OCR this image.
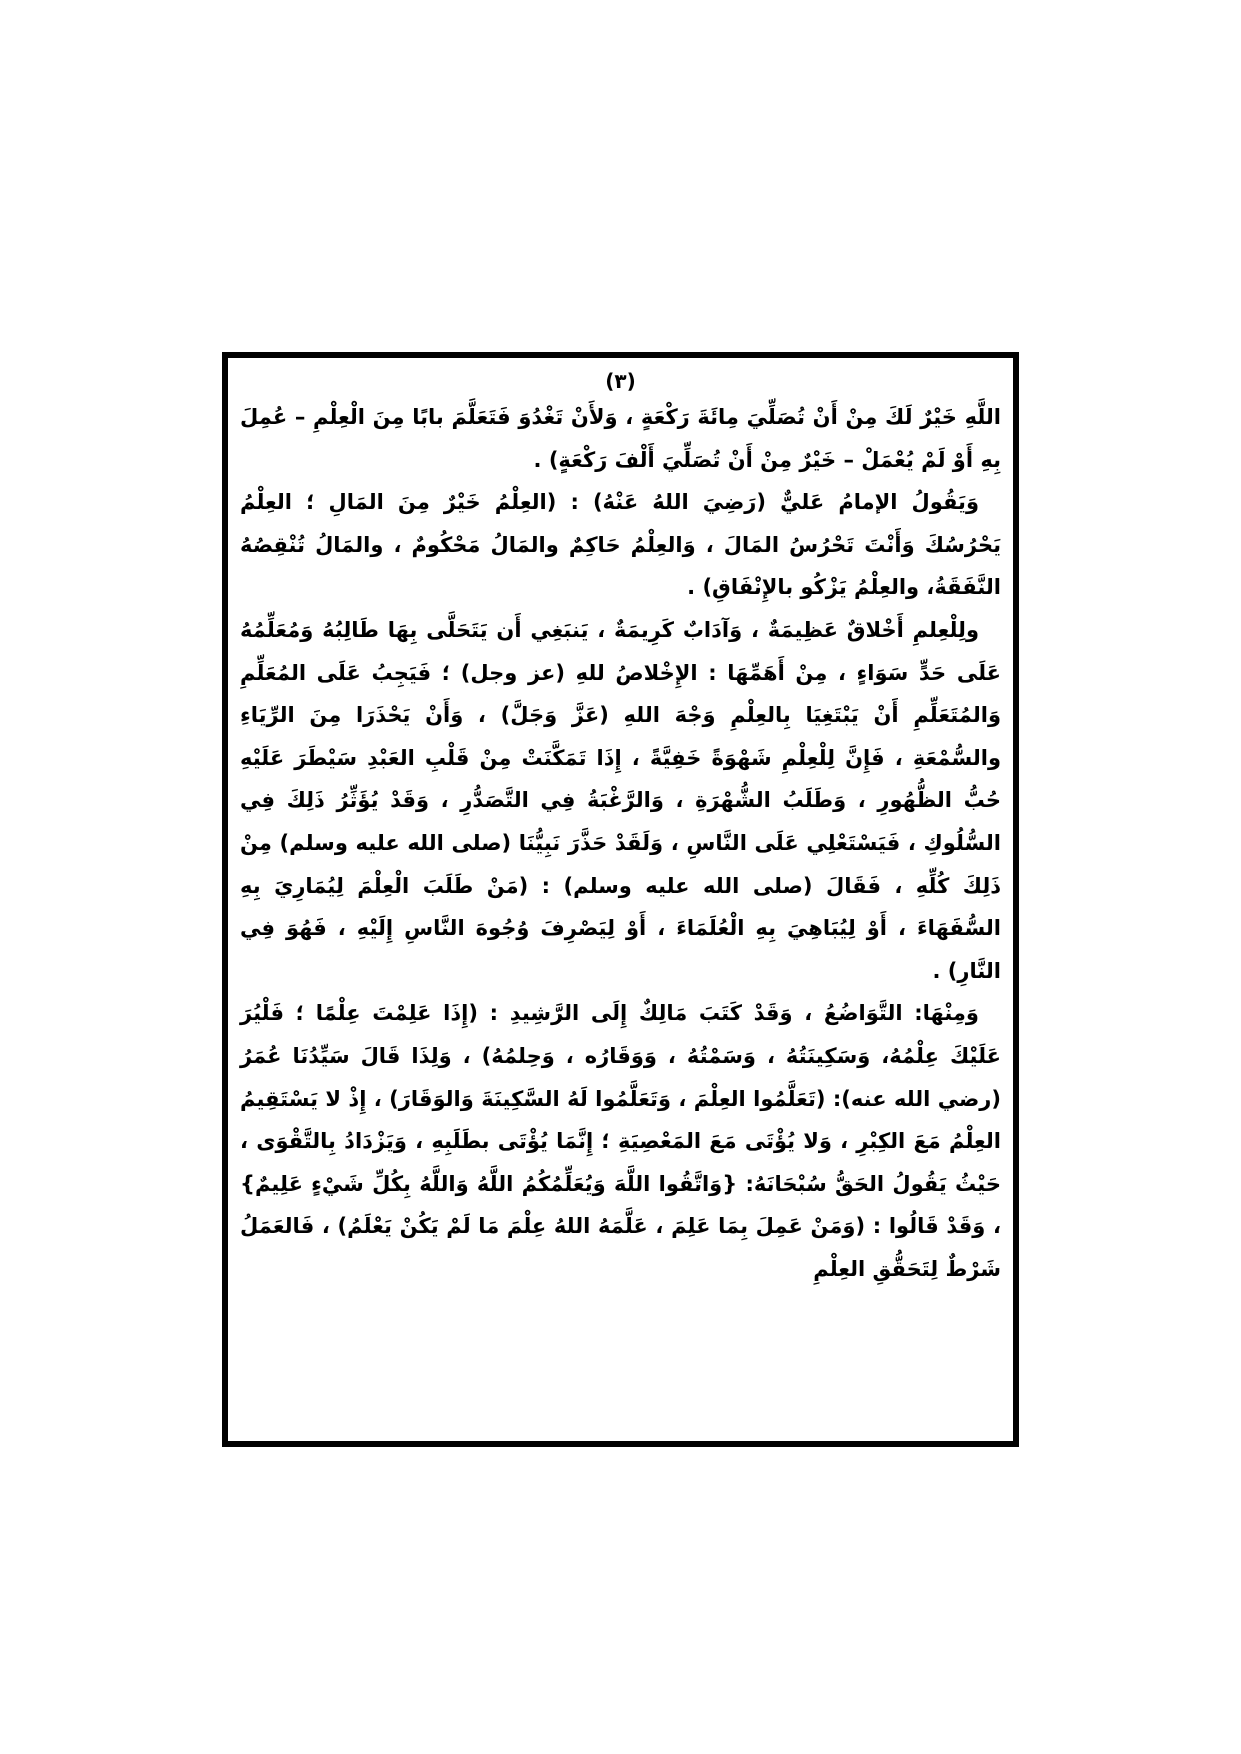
(٣)

اللَّهِ خَيْرٌ لَكَ مِنْ أَنْ تُصَلِّيَ مِائَةَ رَكْعَةٍ ، وَلأَنْ تَغْدُوَ فَتَعَلَّمَ بابًا مِنَ الْعِلْمِ – عُمِلَ بِهِ أَوْ لَمْ يُعْمَلْ – خَيْرٌ مِنْ أَنْ تُصَلِّيَ أَلْفَ رَكْعَةٍ) .

وَيَقُولُ الإمامُ عَليٌّ (رَضِيَ اللهُ عَنْهُ) : (العِلْمُ خَيْرٌ مِنَ المَالِ ؛ العِلْمُ يَحْرُسُكَ وَأَنْتَ تَحْرُسُ المَالَ ، وَالعِلْمُ حَاكِمٌ والمَالُ مَحْكُومٌ ، والمَالُ تُنْقِصُهُ النَّفَقَةُ، والعِلْمُ يَزْكُو بالإِنْفَاقِ) .

ولِلْعِلمِ أَخْلاقٌ عَظِيمَةٌ ، وَآدَابٌ كَرِيمَةٌ ، يَنبَغِي أَن يَتَحَلَّى بِهَا طَالِبُهُ وَمُعَلِّمُهُ عَلَى حَدٍّ سَوَاءٍ ، مِنْ أَهَمِّهَا : الإِخْلاصُ للهِ (عز وجل) ؛ فَيَجِبُ عَلَى المُعَلِّمِ وَالمُتَعَلِّمِ أَنْ يَبْتَغِيَا بِالعِلْمِ وَجْهَ اللهِ (عَزَّ وَجَلَّ) ، وَأَنْ يَحْذَرَا مِنَ الرِّيَاءِ والسُّمْعَةِ ، فَإِنَّ لِلْعِلْمِ شَهْوَةً خَفِيَّةً ، إِذَا تَمَكَّنَتْ مِنْ قَلْبِ العَبْدِ سَيْطَرَ عَلَيْهِ حُبُّ الظُّهُورِ ، وَطَلَبُ الشُّهْرَةِ ، وَالرَّغْبَةُ فِي التَّصَدُّرِ ، وَقَدْ يُؤَثِّرُ ذَلِكَ فِي السُّلُوكِ ، فَيَسْتَعْلِي عَلَى النَّاسِ ، وَلَقَدْ حَذَّرَ نَبِيُّنَا (صلى الله عليه وسلم) مِنْ ذَلِكَ كُلِّهِ ، فَقَالَ (صلى الله عليه وسلم) : (مَنْ طَلَبَ الْعِلْمَ لِيُمَارِيَ بِهِ السُّفَهَاءَ ، أَوْ لِيُبَاهِيَ بِهِ الْعُلَمَاءَ ، أَوْ لِيَصْرِفَ وُجُوهَ النَّاسِ إِلَيْهِ ، فَهُوَ فِي النَّارِ) .

وَمِنْهَا: التَّوَاضُعُ ، وَقَدْ كَتَبَ مَالِكٌ إِلَى الرَّشِيدِ : (إِذَا عَلِمْتَ عِلْمًا ؛ فَلْيُرَ عَلَيْكَ عِلْمُهُ، وَسَكِينَتُهُ ، وَسَمْتُهُ ، وَوَقَارُه ، وَحِلمُهُ) ، وَلِذَا قَالَ سَيِّدُنَا عُمَرُ (رضي الله عنه): (تَعَلَّمُوا العِلْمَ ، وَتَعَلَّمُوا لَهُ السَّكِينَةَ وَالوَقَارَ) ، إِذْ لا يَسْتَقِيمُ العِلْمُ مَعَ الكِبْرِ ، وَلا يُؤْتَى مَعَ المَعْصِيَةِ ؛ إِنَّمَا يُؤْتَى بطَلَبِهِ ، وَيَزْدَادُ بِالتَّقْوَى ، حَيْثُ يَقُولُ الحَقُّ سُبْحَانَهُ: {وَاتَّقُوا اللَّهَ وَيُعَلِّمُكُمُ اللَّهُ وَاللَّهُ بِكُلِّ شَيْءٍ عَلِيمٌ} ، وَقَدْ قَالُوا : (وَمَنْ عَمِلَ بِمَا عَلِمَ ، عَلَّمَهُ اللهُ عِلْمَ مَا لَمْ يَكُنْ يَعْلَمُ) ، فَالعَمَلُ شَرْطٌ لِتَحَقُّقِ العِلْمِ
